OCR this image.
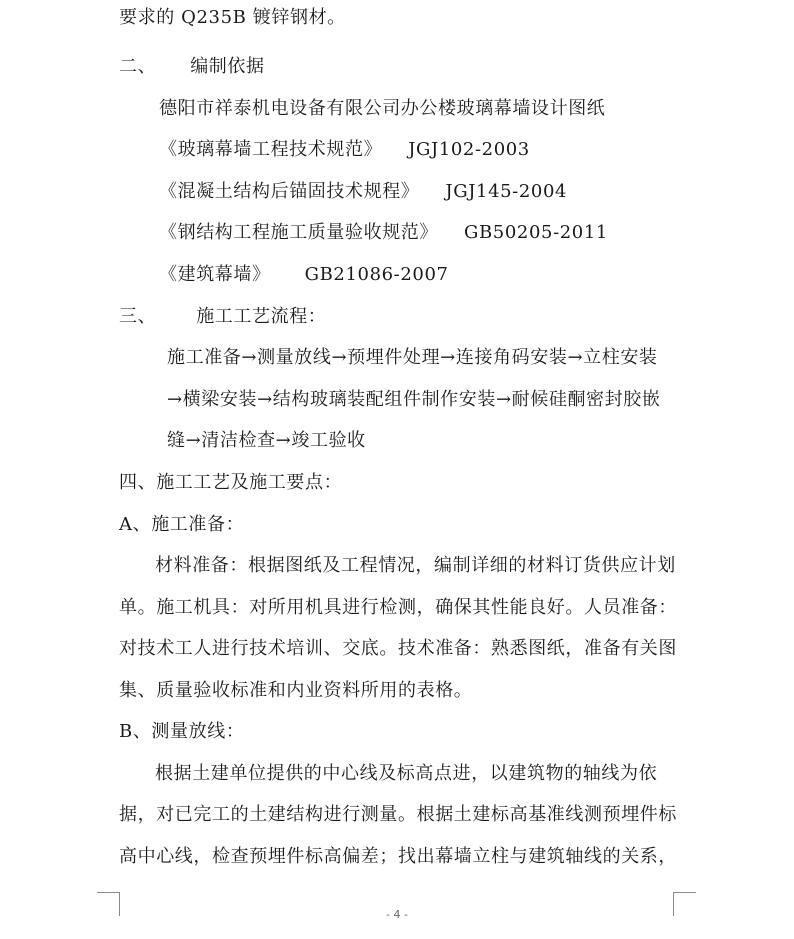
要求的 Q235B 镀锌钢材。
二、 编制依据
德阳市祥泰机电设备有限公司办公楼玻璃幕墙设计图纸
《玻璃幕墙工程技术规范》 JGJ102-2003
《混凝土结构后锚固技术规程》 JGJ145-2004
《钢结构工程施工质量验收规范》 GB50205-2011
《建筑幕墙》 GB21086-2007
三、 施工工艺流程：
施工准备→测量放线→预埋件处理→连接角码安装→立柱安装
→横梁安装→结构玻璃装配组件制作安装→耐候硅酮密封胶嵌
缝→清洁检查→竣工验收
四、施工工艺及施工要点：
A、施工准备：
材料准备：根据图纸及工程情况，编制详细的材料订货供应计划
单。施工机具：对所用机具进行检测，确保其性能良好。人员准备：
对技术工人进行技术培训、交底。技术准备：熟悉图纸，准备有关图
集、质量验收标准和内业资料所用的表格。
B、测量放线：
根据土建单位提供的中心线及标高点进，以建筑物的轴线为依
据，对已完工的土建结构进行测量。根据土建标高基准线测预埋件标
高中心线，检查预埋件标高偏差；找出幕墙立柱与建筑轴线的关系，
- 4 -
